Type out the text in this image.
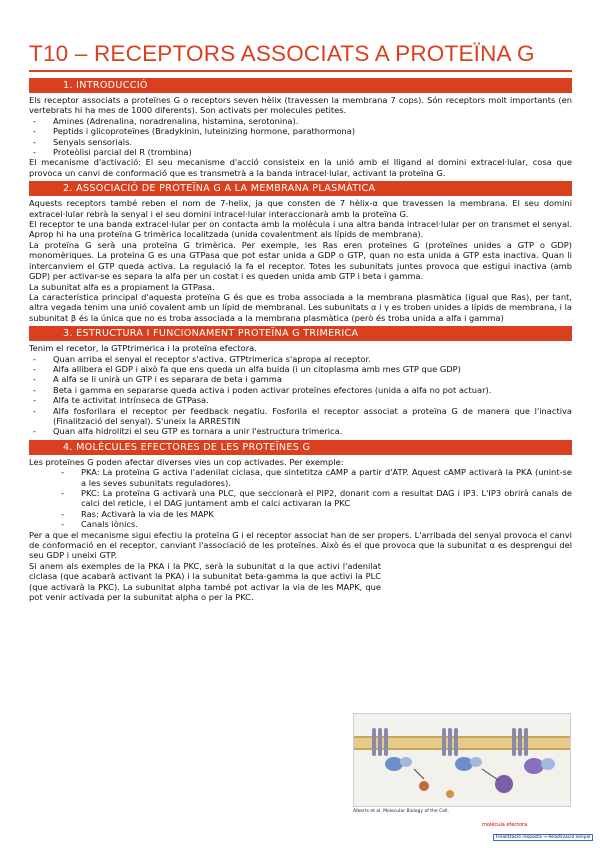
T10 – RECEPTORS ASSOCIATS A PROTEÏNA G
1. INTRODUCCIÓ
Els receptor associats a proteïnes G o receptors seven hèlix (travessen la membrana 7 cops). Són receptors molt importants (en vertebrats hi ha mes de 1000 diferents). Son activats per molecules petites.
-	Amines (Adrenalina, noradrenalina, histamina, serotonina).
-	Peptids i glicoproteïnes (Bradykinin, luteinizing hormone, parathormona)
-	Senyals sensorials.
-	Proteòlisi parcial del R (trombina)
El mecanisme d'activació: El seu mecanisme d'acció consisteix en la unió amb el lligand al domini extracel·lular, cosa que provoca un canvi de conformació que es transmetrà a la banda intracel·lular, activant la proteïna G.
2. ASSOCIACIÓ DE PROTEÏNA G A LA MEMBRANA PLASMÀTICA
Aquests receptors també reben el nom de 7-helix, ja que consten de 7 hèlix-α que travessen la membrana. El seu domini extracel·lular rebrà la senyal i el seu domini intracel·lular interaccionarà amb la proteïna G.
El receptor te una banda extracel·lular per on contacta amb la molècula i una altra banda intracel·lular per on transmet el senyal. Aprop hi ha una proteïna G trimèrica localitzada (unida covalentment als lípids de membrana).
La proteïna G serà una proteïna G trimèrica. Per exemple, les Ras eren proteïnes G (proteïnes unides a GTP o GDP) monomèriques. La proteïna G es una GTPasa que pot estar unida a GDP o GTP, quan no esta unida a GTP esta inactiva. Quan li intercanviem el GTP queda activa. La regulació la fa el receptor. Totes les subunitats juntes provoca que estigui inactiva (amb GDP) per activar-se es separa la alfa per un costat i es queden unida amb GTP i beta i gamma.
La subunitat alfa es a propiament la GTPasa.
La característica principal d'aquesta proteïna G és que es troba associada a la membrana plasmàtica (igual que Ras), per tant, altra vegada tenim una unió covalent amb un lípid de membranal. Les subunitats α i γ es troben unides a lípids de membrana, i la subunitat β és la única que no es troba associada a la membrana plasmàtica (però és troba unida a alfa i gamma)
3. ESTRUCTURA I FUNCIONAMENT PROTEÏNA G TRIMERICA
Tenim el recetor, la GTPtrimerica i la proteïna efectora.
-	Quan arriba el senyal el receptor s'activa. GTPtrimerica s'apropa al receptor.
-	Alfa allibera el GDP i això fa que ens queda un alfa buida (i un citoplasma amb mes GTP que GDP)
-	A alfa se li unirà un GTP i es separara de beta i gamma
-	Beta i gamma en separarse queda activa i poden activar proteïnes efectores (unida a alfa no pot actuar).
-	Alfa te activitat intrínseca de GTPasa.
-	Alfa fosforilara el receptor per feedback negatiu. Fosforila el receptor associat a proteïna G de manera que l'inactiva (Finalització del senyal). S'uneix la ARRESTIN
-	Quan alfa hidrolitzi el seu GTP es tornara a unir l'estructura trimerica.
4. MOLÈCULES EFECTORES DE LES PROTEÏNES G
Les proteïnes G poden afectar diverses vies un cop activades. Per exemple:
-	PKA: La proteïna G activa l'adenilat ciclasa, que sintetitza cAMP a partir d'ATP. Aquest cAMP activarà la PKA (unint-se a les seves subunitats reguladores).
-	PKC: La proteïna G activarà una PLC, que seccionarà el PIP2, donant com a resultat DAG i IP3. L'IP3 obrirà canals de calci del reticle, i el DAG juntament amb el calci activaran la PKC
-	Ras: Activarà la via de les MAPK
-	Canals iònics.
Per a que el mecanisme sigui efectiu la proteïna G i el receptor associat han de ser propers. L'arribada del senyal provoca el canvi de conformació en el receptor, canviant l'associació de les proteïnes. Això és el que provoca que la subunitat α es desprengui del seu GDP i uneixi GTP.
Si anem als exemples de la PKA i la PKC, serà la subunitat α la que activi l'adenilat ciclasa (que acabarà activant la PKA) i la subunitat beta-gamma la que activi la PLC (que activarà la PKC). La subunitat alpha també pot activar la via de les MAPK, que pot venir activada per la subunitat alpha o per la PKC.
Alberts et al. Molecular Biology of the Cell.
molècula efectora
Finalització resposta → Reactivació senyal
